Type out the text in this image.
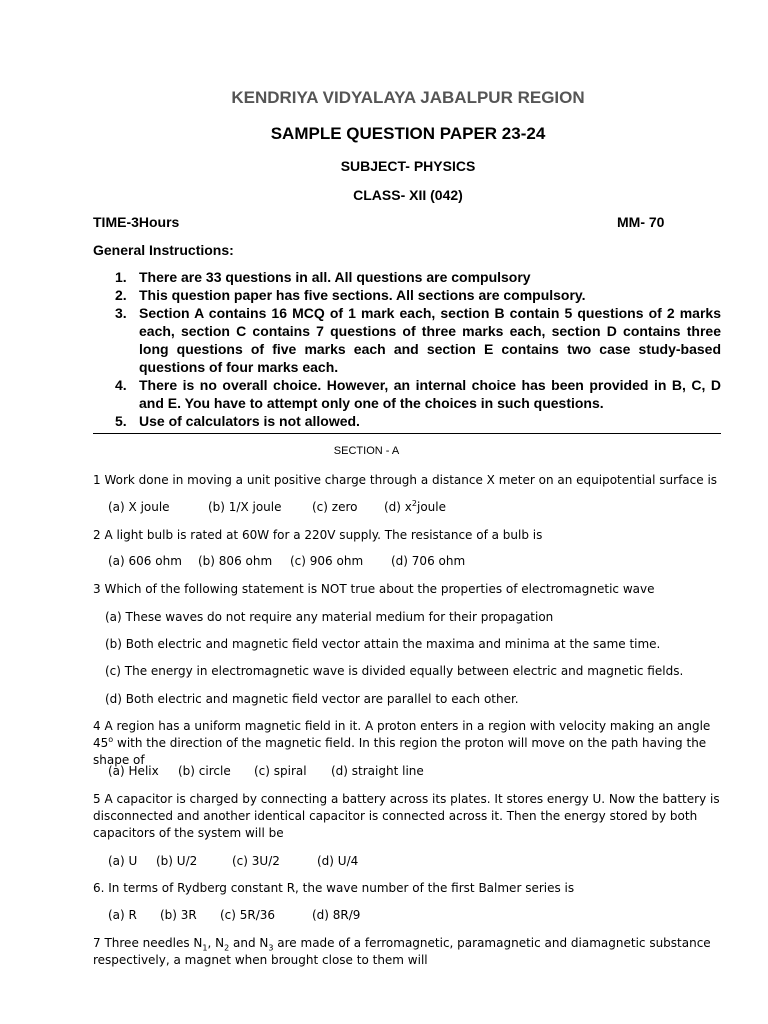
KENDRIYA VIDYALAYA JABALPUR REGION
SAMPLE QUESTION PAPER 23-24
SUBJECT- PHYSICS
CLASS- XII (042)
TIME-3Hours	MM- 70
General Instructions:
1. There are 33 questions in all. All questions are compulsory
2. This question paper has five sections. All sections are compulsory.
3. Section A contains 16 MCQ of 1 mark each, section B contain 5 questions of 2 marks each, section C contains 7 questions of three marks each, section D contains three long questions of five marks each and section E contains two case study-based questions of four marks each.
4. There is no overall choice. However, an internal choice has been provided in B, C, D and E. You have to attempt only one of the choices in such questions.
5. Use of calculators is not allowed.
SECTION - A
1 Work done in moving a unit positive charge through a distance X meter on an equipotential surface is
(a) X joule	(b) 1/X joule	(c) zero (d) $x^2joule$
2 A light bulb is rated at 60W for a 220V supply. The resistance of a bulb is
(a) 606 ohm (b) 806 ohm (c) 906 ohm (d) 706 ohm
3 Which of the following statement is NOT true about the properties of electromagnetic wave
(a) These waves do not require any material medium for their propagation
(b) Both electric and magnetic field vector attain the maxima and minima at the same time.
(c) The energy in electromagnetic wave is divided equally between electric and magnetic fields.
(d) Both electric and magnetic field vector are parallel to each other.
4 A region has a uniform magnetic field in it. A proton enters in a region with velocity making an angle 45$^o$ with the direction of the magnetic field. In this region the proton will move on the path having the shape of
(a) Helix (b) circle (c) spiral (d) straight line
5 A capacitor is charged by connecting a battery across its plates. It stores energy U. Now the battery is disconnected and another identical capacitor is connected across it. Then the energy stored by both capacitors of the system will be
(a) U (b) U/2	(c) 3U/2	(d) U/4
6. In terms of Rydberg constant R, the wave number of the first Balmer series is
(a) R (b) 3R (c) 5R/36	(d) 8R/9
7 Three needles $N_1$, $N_2$ and $N_3$ are made of a ferromagnetic, paramagnetic and diamagnetic substance respectively, a magnet when brought close to them will
